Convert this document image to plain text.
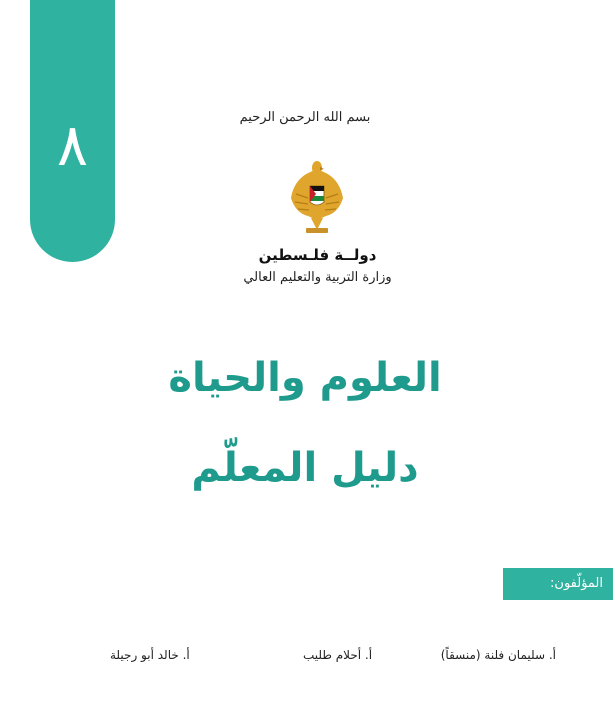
٨	بسم الله الرحمن الرحيم
دولــة فلـسطين
وزارة التربية والتعليم العالي
العلوم والحياة
دليل المعلّم
المؤلّفون:
أ. سليمان فلنة (منسقاً)
أ. أحلام طليب
أ. خالد أبو رجيلة
